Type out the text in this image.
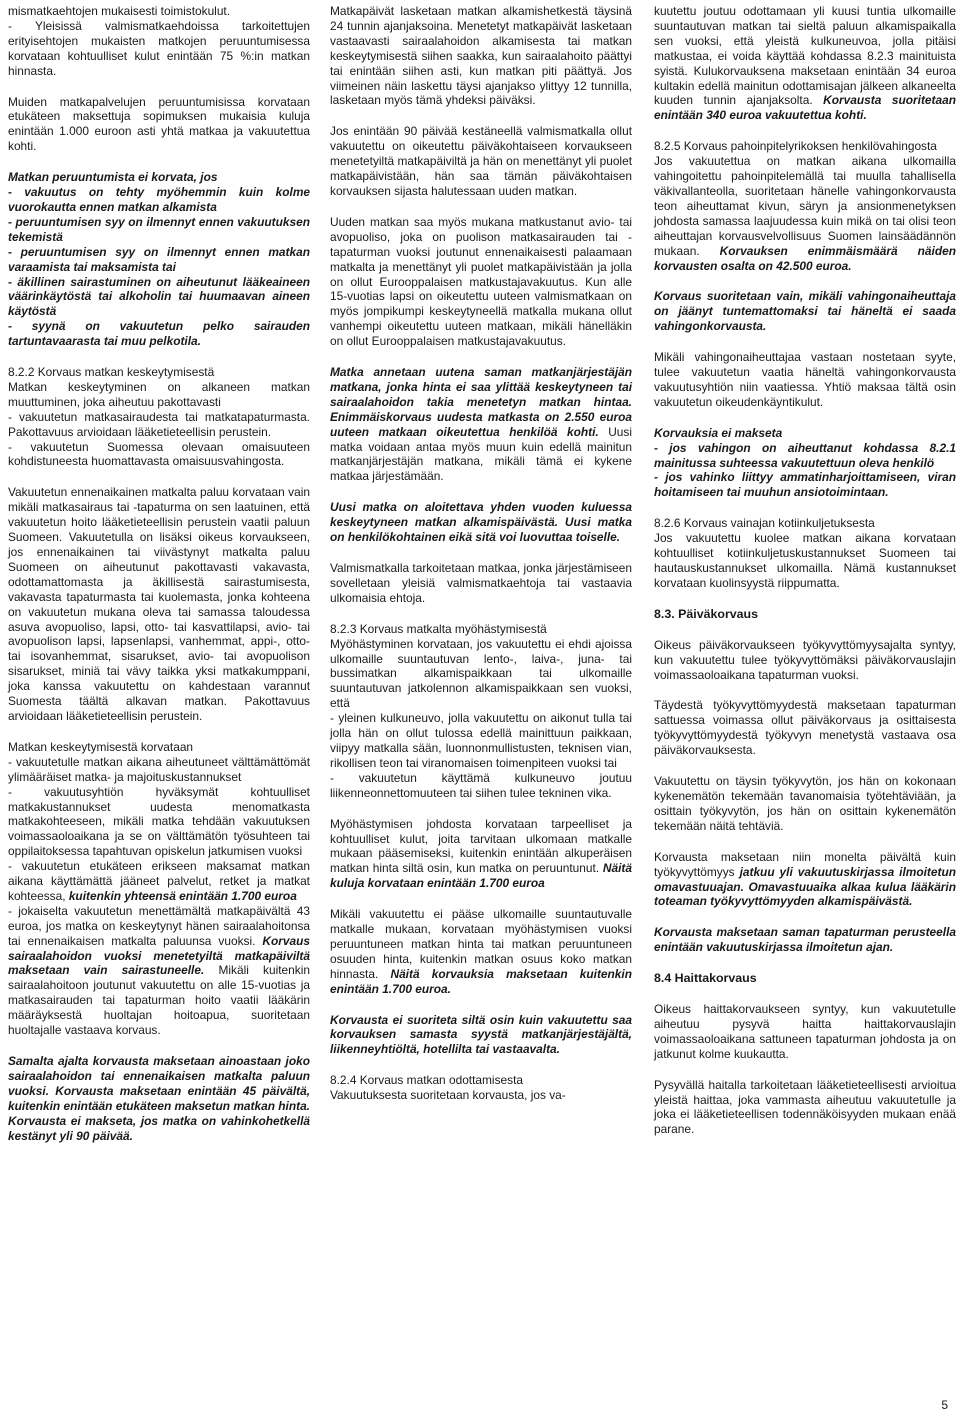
mismatkaehtojen mukaisesti toimistokulut.
- Yleisissä valmismatkaehdoissa tarkoitettujen erityisehtojen mukaisten matkojen peruuntumisessa korvataan kohtuulliset kulut enintään 75 %:in matkan hinnasta.

Muiden matkapalvelujen peruuntumisissa korvataan etukäteen maksettuja sopimuksen mukaisia kuluja enintään 1.000 euroon asti yhtä matkaa ja vakuutettua kohti.

Matkan peruuntumista ei korvata, jos
- vakuutus on tehty myöhemmin kuin kolme vuorokautta ennen matkan alkamista
- peruuntumisen syy on ilmennyt ennen vakuutuksen tekemistä
- peruuntumisen syy on ilmennyt ennen matkan varaamista tai maksamista tai
- äkillinen sairastuminen on aiheutunut lääkeaineen väärinkäytöstä tai alkoholin tai huumaavan aineen käytöstä
- syynä on vakuutetun pelko sairauden tartuntavaarasta tai muu pelkotila.

8.2.2 Korvaus matkan keskeytymisestä
Matkan keskeytyminen on alkaneen matkan muuttuminen, joka aiheutuu pakottavasti
- vakuutetun matkasairaudesta tai matkatapaturmasta. Pakottavuus arvioidaan lääketieteellisin perustein.
- vakuutetun Suomessa olevaan omaisuuteen kohdistuneesta huomattavasta omaisuusvahingosta.

Vakuutetun ennenaikainen matkalta paluu korvataan vain mikäli matkasairaus tai -tapaturma on sen laatuinen, että vakuutetun hoito lääketieteellisin perustein vaatii paluun Suomeen. Vakuutetulla on lisäksi oikeus korvaukseen, jos ennenaikainen tai viivästynyt matkalta paluu Suomeen on aiheutunut pakottavasti vakavasta, odottamattomasta ja äkillisestä sairastumisesta, vakavasta tapaturmasta tai kuolemasta, jonka kohteena on vakuutetun mukana oleva tai samassa taloudessa asuva avopuoliso, lapsi, otto- tai kasvattilapsi, avio- tai avopuolison lapsi, lapsenlapsi, vanhemmat, appi-, otto- tai isovanhemmat, sisarukset, avio- tai avopuolison sisarukset, miniä tai vävy taikka yksi matkakumppani, joka kanssa vakuutettu on kahdestaan varannut Suomesta täältä alkavan matkan. Pakottavuus arvioidaan lääketieteellisin perustein.

Matkan keskeytymisestä korvataan
- vakuutetulle matkan aikana aiheutuneet välttämättömät ylimääräiset matka- ja majoituskustannukset
- vakuutusyhtiön hyväksymät kohtuulliset matkakustannukset uudesta menomatkasta matkakohteeseen, mikäli matka tehdään vakuutuksen voimassaoloaikana ja se on välttämätön työsuhteen tai oppilaitoksessa tapahtuvan opiskelun jatkumisen vuoksi
- vakuutetun etukäteen erikseen maksamat matkan aikana käyttämättä jääneet palvelut, retket ja matkat kohteessa, kuitenkin yhteensä enintään 1.700 euroa

- jokaiselta vakuutetun menettämältä matkapäivältä 43 euroa, jos matka on keskeytynyt hänen sairaalahoitonsa tai ennenaikaisen matkalta paluunsa vuoksi. Korvaus sairaalahoidon vuoksi menetetyiltä matkapäiviltä maksetaan vain sairastuneelle. Mikäli kuitenkin sairaalahoitoon joutunut vakuutettu on alle 15-vuotias ja matkasairauden tai tapaturman hoito vaatii lääkärin määräyksestä huoltajan hoitoapua, suoritetaan huoltajalle vastaava korvaus.

Samalta ajalta korvausta maksetaan ainoastaan joko sairaalahoidon tai ennenaikaisen matkalta paluun vuoksi. Korvausta maksetaan enintään 45 päivältä, kuitenkin enintään etukäteen maksetun matkan hinta. Korvausta ei makseta, jos matka on vahinkohetkellä kestänyt yli 90 päivää.

Matkapäivät lasketaan matkan alkamishetkestä täysinä 24 tunnin ajanjaksoina. Menetetyt matkapäivät lasketaan vastaavasti sairaalahoidon alkamisesta tai matkan keskeytymisestä siihen saakka, kun sairaalahoito päättyi tai enintään siihen asti, kun matkan piti päättyä. Jos viimeinen näin laskettu täysi ajanjakso ylittyy 12 tunnilla, lasketaan myös tämä yhdeksi päiväksi.

Jos enintään 90 päivää kestäneellä valmismatkalla ollut vakuutettu on oikeutettu päiväkohtaiseen korvaukseen menetetyiltä matkapäiviltä ja hän on menettänyt yli puolet matkapäivistään, hän saa tämän päiväkohtaisen korvauksen sijasta halutessaan uuden matkan.

Uuden matkan saa myös mukana matkustanut avio- tai avopuoliso, joka on puolison matkasairauden tai -tapaturman vuoksi joutunut ennenaikaisesti palaamaan matkalta ja menettänyt yli puolet matkapäivistään ja jolla on ollut Eurooppalaisen matkustajavakuutus. Kun alle 15-vuotias lapsi on oikeutettu uuteen valmismatkaan on myös jompikumpi keskeytyneellä matkalla mukana ollut vanhempi oikeutettu uuteen matkaan, mikäli hänelläkin on ollut Eurooppalaisen matkustajavakuutus.

Matka annetaan uutena saman matkanjärjestäjän matkana, jonka hinta ei saa ylittää keskeytyneen tai sairaalahoidon takia menetetyn matkan hintaa. Enimmäiskorvaus uudesta matkasta on 2.550 euroa uuteen matkaan oikeutettua henkilöä kohti. Uusi matka voidaan antaa myös muun kuin edellä mainitun matkanjärjestäjän matkana, mikäli tämä ei kykene matkaa järjestämään.

Uusi matka on aloitettava yhden vuoden kuluessa keskeytyneen matkan alkamispäivästä. Uusi matka on henkilökohtainen eikä sitä voi luovuttaa toiselle.

Valmismatkalla tarkoitetaan matkaa, jonka järjestämiseen sovelletaan yleisiä valmismatkaehtoja tai vastaavia ulkomaisia ehtoja.

8.2.3 Korvaus matkalta myöhästymisestä
Myöhästyminen korvataan, jos vakuutettu ei ehdi ajoissa ulkomaille suuntautuvan lento-, laiva-, juna- tai bussimatkan alkamispaikkaan tai ulkomaille suuntautuvan jatkolennon alkamispaikkaan sen vuoksi, että
- yleinen kulkuneuvo, jolla vakuutettu on aikonut tulla tai jolla hän on ollut tulossa edellä mainittuun paikkaan, viipyy matkalla sään, luonnonmullistusten, teknisen vian, rikollisen teon tai viranomaisen toimenpiteen vuoksi tai
- vakuutetun käyttämä kulkuneuvo joutuu liikenneonnettomuuteen tai siihen tulee tekninen vika.

Myöhästymisen johdosta korvataan tarpeelliset ja kohtuulliset kulut, joita tarvitaan ulkomaan matkalle mukaan pääsemiseksi, kuitenkin enintään alkuperäisen matkan hinta siltä osin, kun matka on peruuntunut. Näitä kuluja korvataan enintään 1.700 euroa

Mikäli vakuutettu ei pääse ulkomaille suuntautuvalle matkalle mukaan, korvataan myöhästymisen vuoksi peruuntuneen matkan hinta tai matkan peruuntuneen osuuden hinta, kuitenkin matkan osuus koko matkan hinnasta. Näitä korvauksia maksetaan kuitenkin enintään 1.700 euroa.

Korvausta ei suoriteta siltä osin kuin vakuutettu saa korvauksen samasta syystä matkanjärjestäjältä, liikenneyhtiöltä, hotellilta tai vastaavalta.

8.2.4 Korvaus matkan odottamisesta
Vakuutuksesta suoritetaan korvausta, jos va-

kuutettu joutuu odottamaan yli kuusi tuntia ulkomaille suuntautuvan matkan tai sieltä paluun alkamispaikalla sen vuoksi, että yleistä kulkuneuvoa, jolla pitäisi matkustaa, ei voida käyttää kohdassa 8.2.3 mainituista syistä. Kulukorvauksena maksetaan enintään 34 euroa kultakin edellä mainitun odottamisajan jälkeen alkaneelta kuuden tunnin ajanjaksolta. Korvausta suoritetaan enintään 340 euroa vakuutettua kohti.

8.2.5 Korvaus pahoinpitelyrikoksen henkilövahingosta
Jos vakuutettua on matkan aikana ulkomailla vahingoitettu pahoinpitelemällä tai muulla tahallisella väkivallanteolla, suoritetaan hänelle vahingonkorvausta teon aiheuttamat kivun, säryn ja ansionmenetyksen johdosta samassa laajuudessa kuin mikä on tai olisi teon aiheuttajan korvausvelvollisuus Suomen lainsäädännön mukaan. Korvauksen enimmäismäärä näiden korvausten osalta on 42.500 euroa.

Korvaus suoritetaan vain, mikäli vahingonaiheuttaja on jäänyt tuntemattomaksi tai häneltä ei saada vahingonkorvausta.

Mikäli vahingonaiheuttajaa vastaan nostetaan syyte, tulee vakuutetun vaatia häneltä vahingonkorvausta vakuutusyhtiön niin vaatiessa. Yhtiö maksaa tältä osin vakuutetun oikeudenkäyntikulut.

Korvauksia ei makseta
- jos vahingon on aiheuttanut kohdassa 8.2.1 mainitussa suhteessa vakuutettuun oleva henkilö
- jos vahinko liittyy ammatinharjoittamiseen, viran hoitamiseen tai muuhun ansiotoimintaan.

8.2.6 Korvaus vainajan kotiinkuljetuksesta
Jos vakuutettu kuolee matkan aikana korvataan kohtuulliset kotiinkuljetuskustannukset Suomeen tai hautauskustannukset ulkomailla. Nämä kustannukset korvataan kuolinsyystä riippumatta.

8.3. Päiväkorvaus

Oikeus päiväkorvaukseen työkyvyttömyysajalta syntyy, kun vakuutettu tulee työkyvyttömäksi päiväkorvauslajin voimassaoloaikana tapaturman vuoksi.

Täydestä työkyvyttömyydestä maksetaan tapaturman sattuessa voimassa ollut päiväkorvaus ja osittaisesta työkyvyttömyydestä työkyvyn menetystä vastaava osa päiväkorvauksesta.

Vakuutettu on täysin työkyvytön, jos hän on kokonaan kykenemätön tekemään tavanomaisia työtehtäviään, ja osittain työkyvytön, jos hän on osittain kykenemätön tekemään näitä tehtäviä.

Korvausta maksetaan niin monelta päivältä kuin työkyvyttömyys jatkuu yli vakuutuskirjassa ilmoitetun omavastuuajan. Omavastuuaika alkaa kulua lääkärin toteaman työkyvyttömyyden alkamispäivästä.

Korvausta maksetaan saman tapaturman perusteella enintään vakuutuskirjassa ilmoitetun ajan.

8.4 Haittakorvaus

Oikeus haittakorvaukseen syntyy, kun vakuutetulle aiheutuu pysyvä haitta haittakorvauslajin voimassaoloaikana sattuneen tapaturman johdosta ja on jatkunut kolme kuukautta.

Pysyvällä haitalla tarkoitetaan lääketieteellisesti arvioitua yleistä haittaa, joka vammasta aiheutuu vakuutetulle ja joka ei lääketieteellisen todennäköisyyden mukaan enää parane.

5
